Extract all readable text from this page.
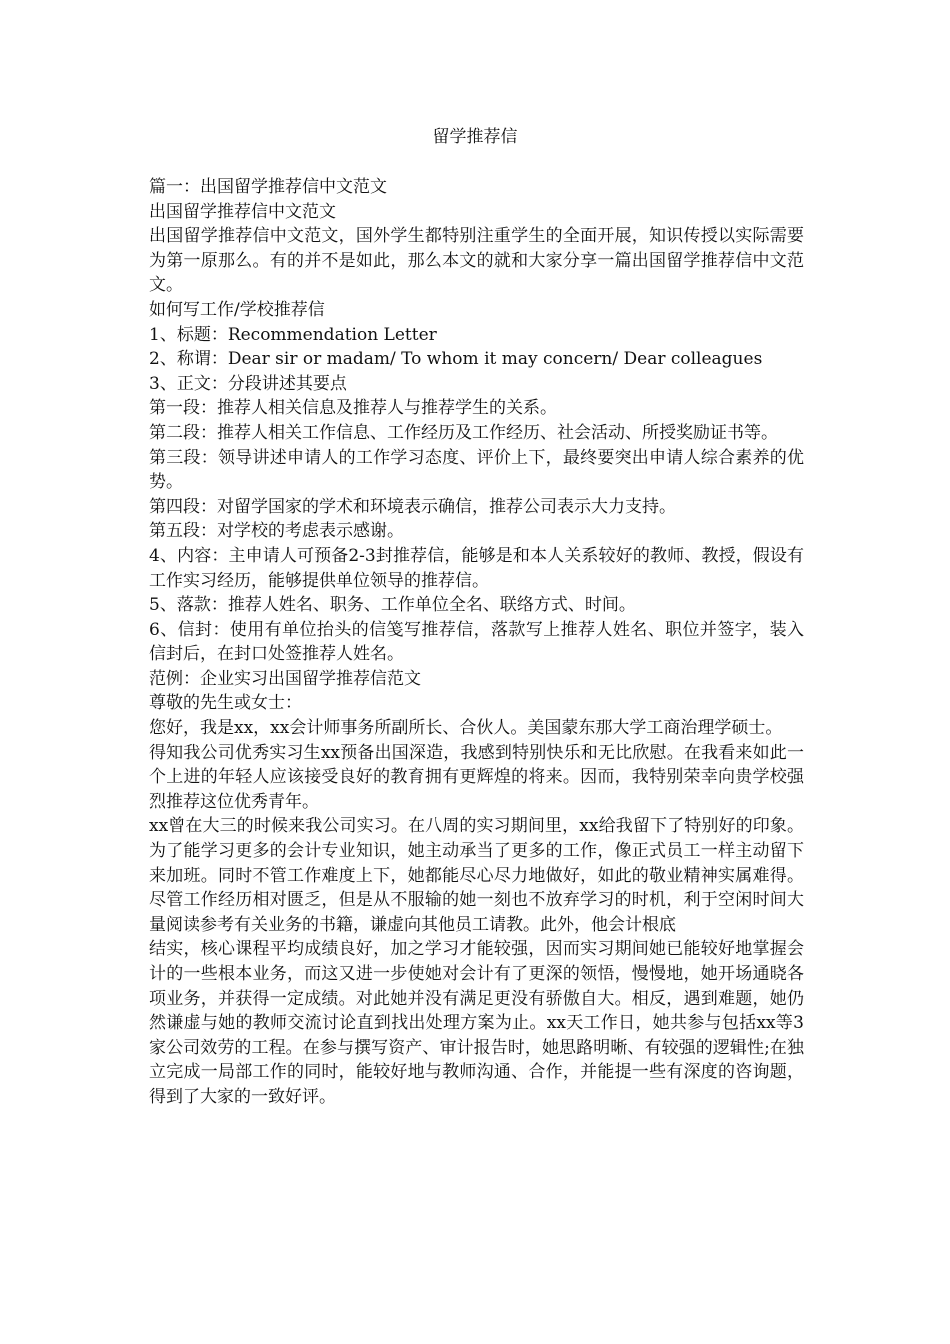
留学推荐信

篇一：出国留学推荐信中文范文

出国留学推荐信中文范文

出国留学推荐信中文范文，国外学生都特别注重学生的全面开展，知识传授以实际需要为第一原那么。有的并不是如此，那么本文的就和大家分享一篇出国留学推荐信中文范文。

如何写工作/学校推荐信

1、标题：Recommendation Letter

2、称谓：Dear sir or madam/ To whom it may concern/ Dear colleagues

3、正文：分段讲述其要点

第一段：推荐人相关信息及推荐人与推荐学生的关系。

第二段：推荐人相关工作信息、工作经历及工作经历、社会活动、所授奖励证书等。

第三段：领导讲述申请人的工作学习态度、评价上下，最终要突出申请人综合素养的优势。

第四段：对留学国家的学术和环境表示确信，推荐公司表示大力支持。

第五段：对学校的考虑表示感谢。

4、内容：主申请人可预备2-3封推荐信，能够是和本人关系较好的教师、教授，假设有工作实习经历，能够提供单位领导的推荐信。

5、落款：推荐人姓名、职务、工作单位全名、联络方式、时间。

6、信封：使用有单位抬头的信笺写推荐信，落款写上推荐人姓名、职位并签字，装入信封后，在封口处签推荐人姓名。

范例：企业实习出国留学推荐信范文

尊敬的先生或女士：

您好，我是xx，xx会计师事务所副所长、合伙人。美国蒙东那大学工商治理学硕士。

得知我公司优秀实习生xx预备出国深造，我感到特别快乐和无比欣慰。在我看来如此一个上进的年轻人应该接受良好的教育拥有更辉煌的将来。因而，我特别荣幸向贵学校强烈推荐这位优秀青年。

xx曾在大三的时候来我公司实习。在八周的实习期间里，xx给我留下了特别好的印象。为了能学习更多的会计专业知识，她主动承当了更多的工作，像正式员工一样主动留下来加班。同时不管工作难度上下，她都能尽心尽力地做好，如此的敬业精神实属难得。尽管工作经历相对匮乏，但是从不服输的她一刻也不放弃学习的时机，利于空闲时间大量阅读参考有关业务的书籍，谦虚向其他员工请教。此外，他会计根底

结实，核心课程平均成绩良好，加之学习才能较强，因而实习期间她已能较好地掌握会计的一些根本业务，而这又进一步使她对会计有了更深的领悟，慢慢地，她开场通晓各项业务，并获得一定成绩。对此她并没有满足更没有骄傲自大。相反，遇到难题，她仍然谦虚与她的教师交流讨论直到找出处理方案为止。xx天工作日，她共参与包括xx等3家公司效劳的工程。在参与撰写资产、审计报告时，她思路明晰、有较强的逻辑性;在独立完成一局部工作的同时，能较好地与教师沟通、合作，并能提一些有深度的咨询题，得到了大家的一致好评。
